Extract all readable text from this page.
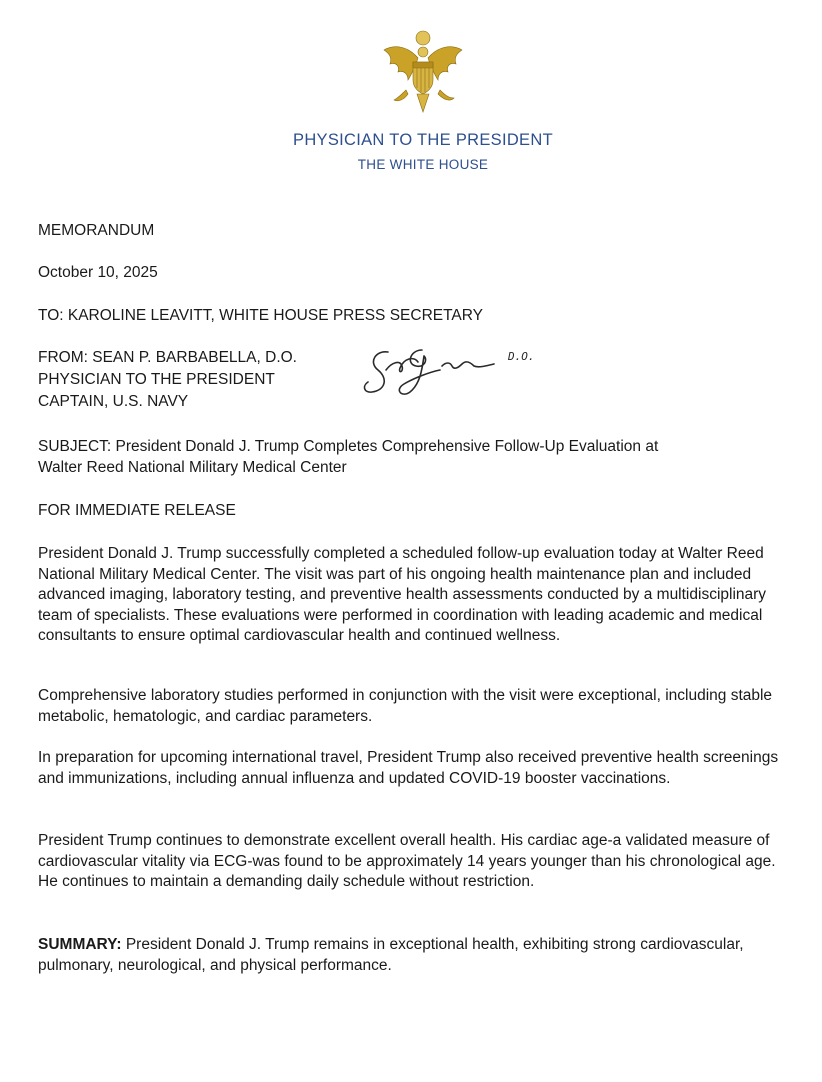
PHYSICIAN TO THE PRESIDENT
THE WHITE HOUSE
MEMORANDUM
October 10, 2025
TO: KAROLINE LEAVITT, WHITE HOUSE PRESS SECRETARY
FROM: SEAN P. BARBABELLA, D.O.
PHYSICIAN TO THE PRESIDENT
CAPTAIN, U.S. NAVY
D.O.
SUBJECT: President Donald J. Trump Completes Comprehensive Follow-Up Evaluation at
Walter Reed National Military Medical Center
FOR IMMEDIATE RELEASE
President Donald J. Trump successfully completed a scheduled follow-up evaluation today at Walter Reed National Military Medical Center. The visit was part of his ongoing health maintenance plan and included advanced imaging, laboratory testing, and preventive health assessments conducted by a multidisciplinary team of specialists. These evaluations were performed in coordination with leading academic and medical consultants to ensure optimal cardiovascular health and continued wellness.
Comprehensive laboratory studies performed in conjunction with the visit were exceptional, including stable metabolic, hematologic, and cardiac parameters.
In preparation for upcoming international travel, President Trump also received preventive health screenings and immunizations, including annual influenza and updated COVID-19 booster vaccinations.
President Trump continues to demonstrate excellent overall health. His cardiac age-a validated measure of cardiovascular vitality via ECG-was found to be approximately 14 years younger than his chronological age. He continues to maintain a demanding daily schedule without restriction.
SUMMARY: President Donald J. Trump remains in exceptional health, exhibiting strong cardiovascular, pulmonary, neurological, and physical performance.
